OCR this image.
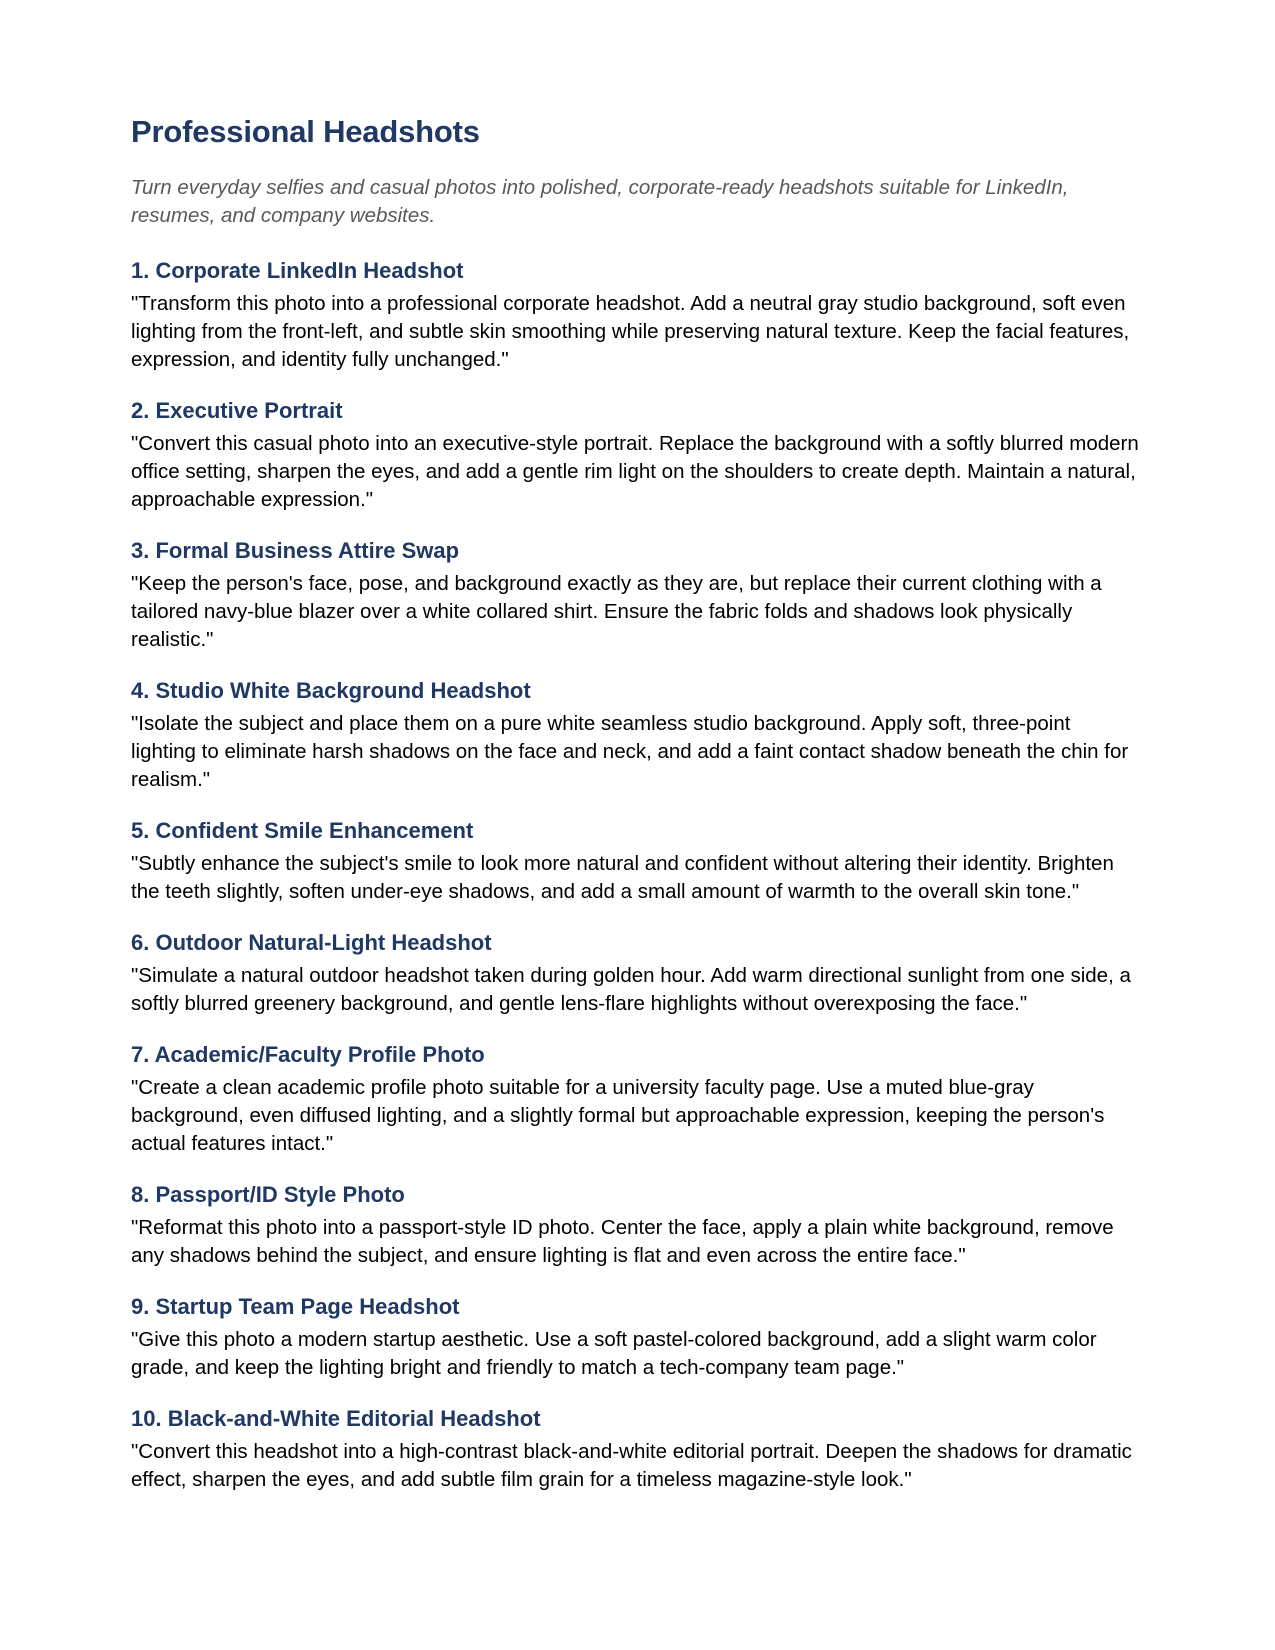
Professional Headshots

Turn everyday selfies and casual photos into polished, corporate-ready headshots suitable for LinkedIn, resumes, and company websites.

1. Corporate LinkedIn Headshot

"Transform this photo into a professional corporate headshot. Add a neutral gray studio background, soft even lighting from the front-left, and subtle skin smoothing while preserving natural texture. Keep the facial features, expression, and identity fully unchanged."

2. Executive Portrait

"Convert this casual photo into an executive-style portrait. Replace the background with a softly blurred modern office setting, sharpen the eyes, and add a gentle rim light on the shoulders to create depth. Maintain a natural, approachable expression."

3. Formal Business Attire Swap

"Keep the person's face, pose, and background exactly as they are, but replace their current clothing with a tailored navy-blue blazer over a white collared shirt. Ensure the fabric folds and shadows look physically realistic."

4. Studio White Background Headshot

"Isolate the subject and place them on a pure white seamless studio background. Apply soft, three-point lighting to eliminate harsh shadows on the face and neck, and add a faint contact shadow beneath the chin for realism."

5. Confident Smile Enhancement

"Subtly enhance the subject's smile to look more natural and confident without altering their identity. Brighten the teeth slightly, soften under-eye shadows, and add a small amount of warmth to the overall skin tone."

6. Outdoor Natural-Light Headshot

"Simulate a natural outdoor headshot taken during golden hour. Add warm directional sunlight from one side, a softly blurred greenery background, and gentle lens-flare highlights without overexposing the face."

7. Academic/Faculty Profile Photo

"Create a clean academic profile photo suitable for a university faculty page. Use a muted blue-gray background, even diffused lighting, and a slightly formal but approachable expression, keeping the person's actual features intact."

8. Passport/ID Style Photo

"Reformat this photo into a passport-style ID photo. Center the face, apply a plain white background, remove any shadows behind the subject, and ensure lighting is flat and even across the entire face."

9. Startup Team Page Headshot

"Give this photo a modern startup aesthetic. Use a soft pastel-colored background, add a slight warm color grade, and keep the lighting bright and friendly to match a tech-company team page."

10. Black-and-White Editorial Headshot

"Convert this headshot into a high-contrast black-and-white editorial portrait. Deepen the shadows for dramatic effect, sharpen the eyes, and add subtle film grain for a timeless magazine-style look."
